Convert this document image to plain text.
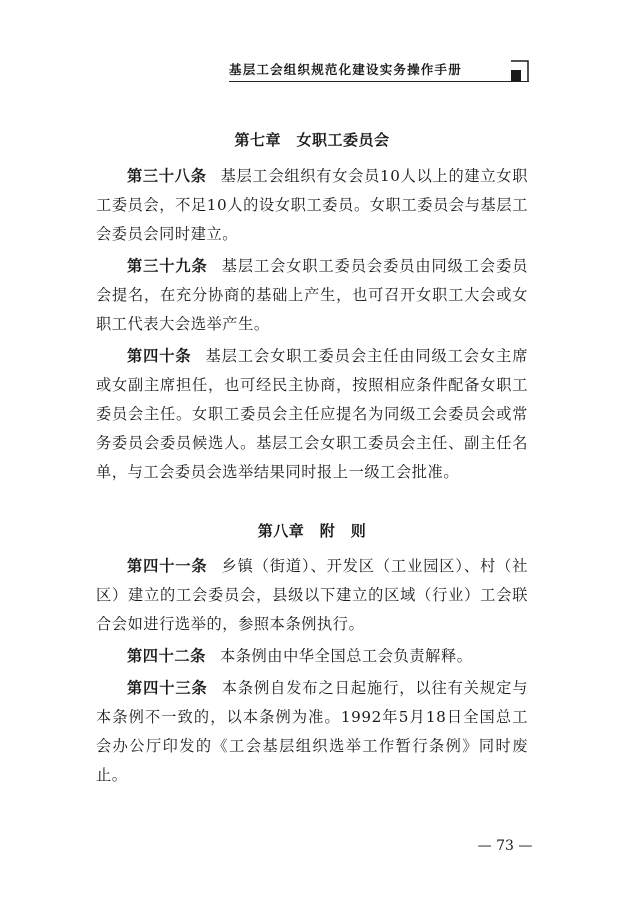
基层工会组织规范化建设实务操作手册
第七章　女职工委员会

第三十八条 基层工会组织有女会员10人以上的建立女职工委员会，不足10人的设女职工委员。女职工委员会与基层工会委员会同时建立。

第三十九条 基层工会女职工委员会委员由同级工会委员会提名，在充分协商的基础上产生，也可召开女职工大会或女职工代表大会选举产生。

第四十条 基层工会女职工委员会主任由同级工会女主席或女副主席担任，也可经民主协商，按照相应条件配备女职工委员会主任。女职工委员会主任应提名为同级工会委员会或常务委员会委员候选人。基层工会女职工委员会主任、副主任名单，与工会委员会选举结果同时报上一级工会批准。

第八章　附　则

第四十一条 乡镇（街道）、开发区（工业园区）、村（社区）建立的工会委员会，县级以下建立的区域（行业）工会联合会如进行选举的，参照本条例执行。

第四十二条 本条例由中华全国总工会负责解释。

第四十三条 本条例自发布之日起施行，以往有关规定与本条例不一致的，以本条例为准。1992年5月18日全国总工会办公厅印发的《工会基层组织选举工作暂行条例》同时废止。

— 73 —
